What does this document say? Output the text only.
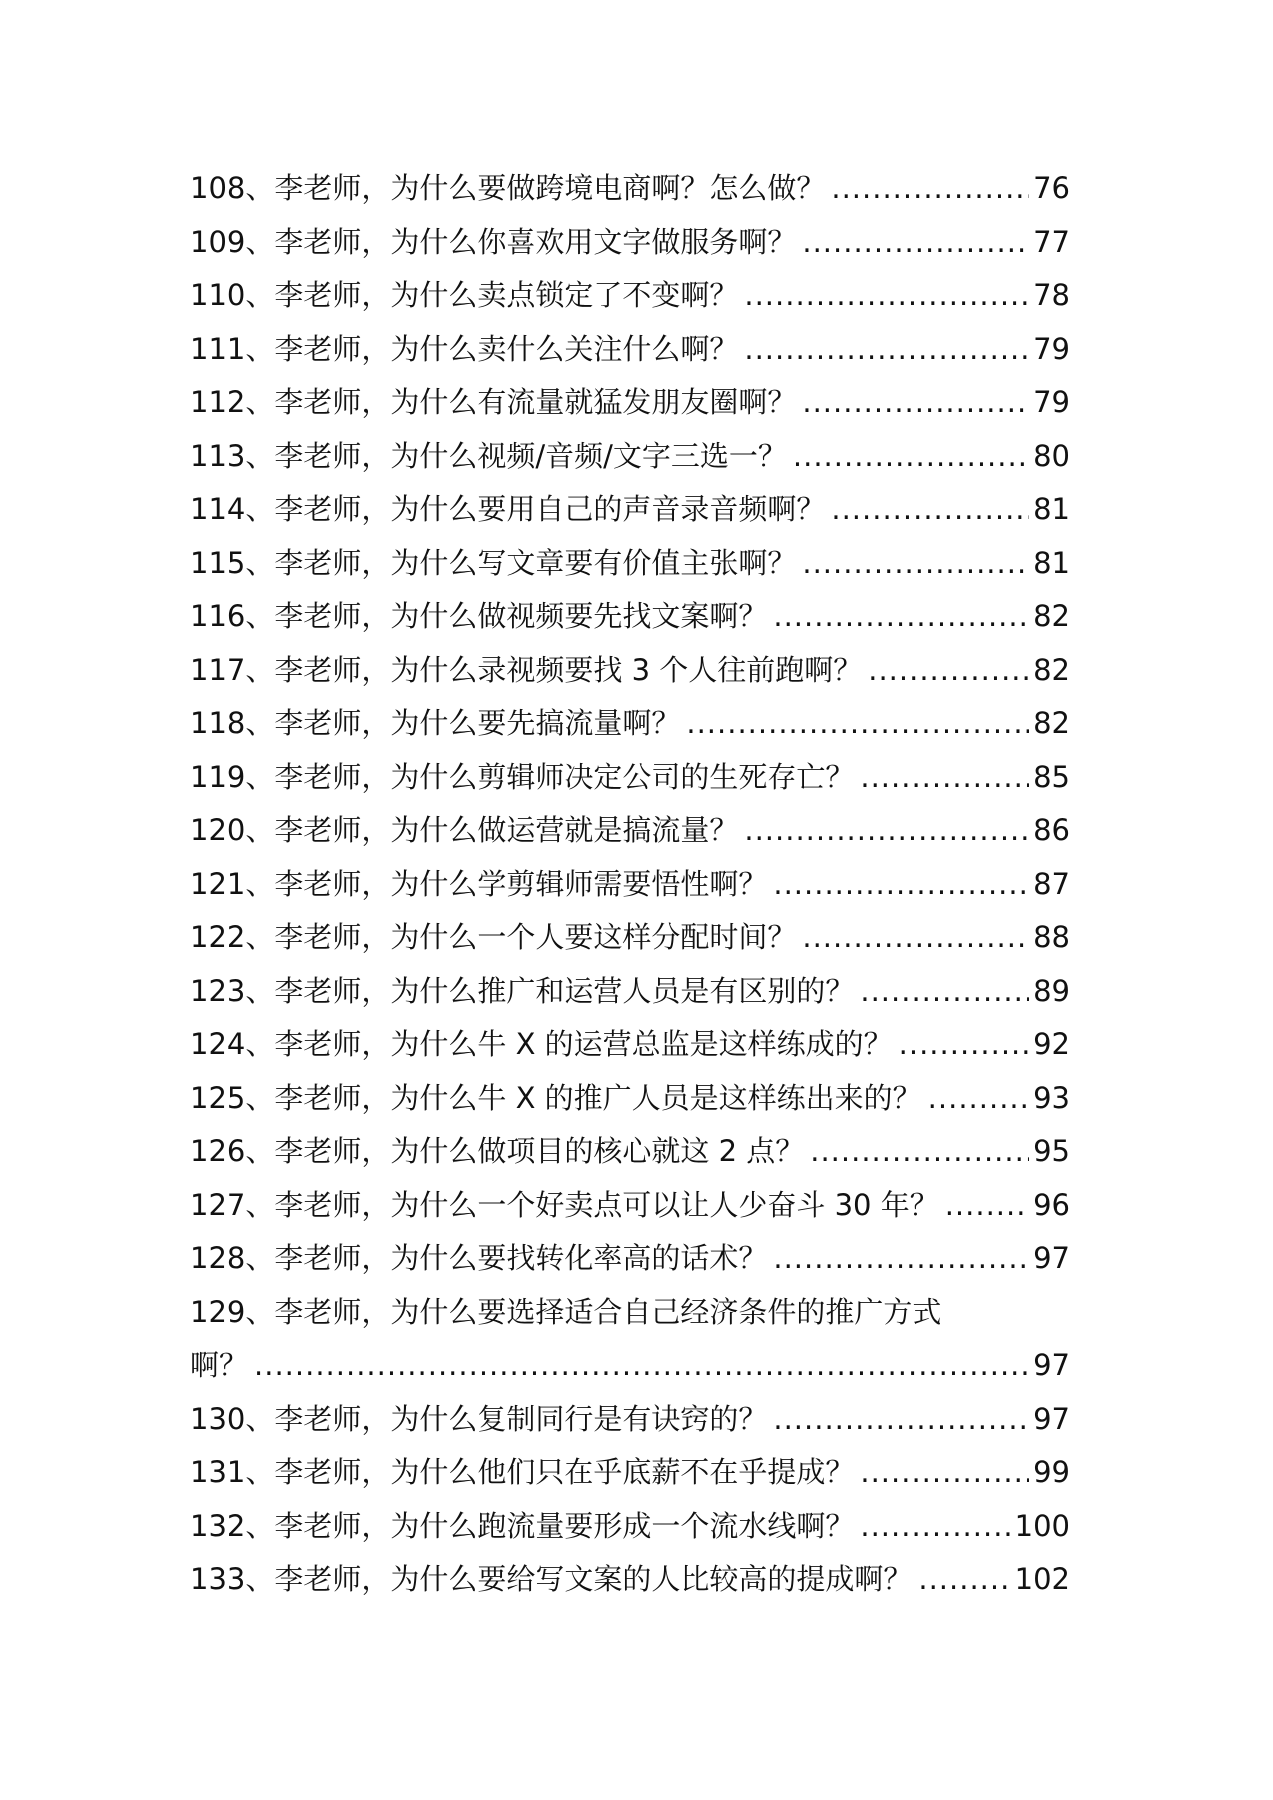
108、李老师，为什么要做跨境电商啊？怎么做？ .....	76
109、李老师，为什么你喜欢用文字做服务啊？ .....	77
110、李老师，为什么卖点锁定了不变啊？ .....	78
111、李老师，为什么卖什么关注什么啊？ .....	79
112、李老师，为什么有流量就猛发朋友圈啊？ .....	79
113、李老师，为什么视频/音频/文字三选一？ .....	80
114、李老师，为什么要用自己的声音录音频啊？ .....	81
115、李老师，为什么写文章要有价值主张啊？ .....	81
116、李老师，为什么做视频要先找文案啊？ .....	82
117、李老师，为什么录视频要找 3 个人往前跑啊？ .....	82
118、李老师，为什么要先搞流量啊？ .....	82
119、李老师，为什么剪辑师决定公司的生死存亡？ .....	85
120、李老师，为什么做运营就是搞流量？ .....	86
121、李老师，为什么学剪辑师需要悟性啊？ .....	87
122、李老师，为什么一个人要这样分配时间？ .....	88
123、李老师，为什么推广和运营人员是有区别的？ .....	89
124、李老师，为什么牛 X 的运营总监是这样练成的？ .....	92
125、李老师，为什么牛 X 的推广人员是这样练出来的？ .....	93
126、李老师，为什么做项目的核心就这 2 点？ .....	95
127、李老师，为什么一个好卖点可以让人少奋斗 30 年？ .....	96
128、李老师，为什么要找转化率高的话术？ .....	97
129、李老师，为什么要选择适合自己经济条件的推广方式
啊？ .....	97
130、李老师，为什么复制同行是有诀窍的？ .....	97
131、李老师，为什么他们只在乎底薪不在乎提成？ .....	99
132、李老师，为什么跑流量要形成一个流水线啊？ .....	100
133、李老师，为什么要给写文案的人比较高的提成啊？ .....	102
